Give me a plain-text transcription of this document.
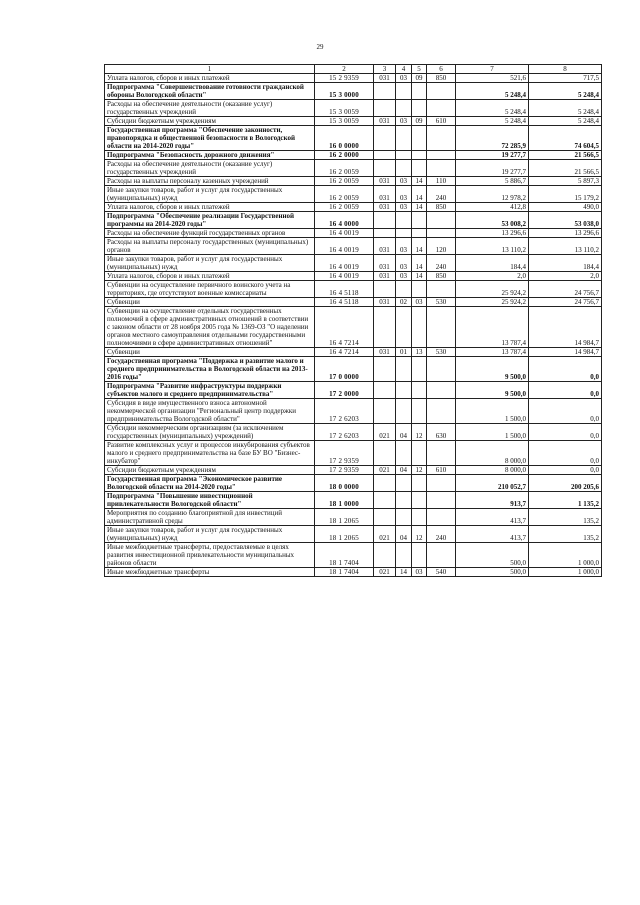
29
1	2	3	4	5	6	7	8
Уплата налогов, сборов и иных платежей	15 2 9359	031	03	09	850	521,6	717,5
Подпрограмма "Совершенствование готовности гражданской обороны Вологодской области"	15 3 0000					5 248,4	5 248,4
Расходы на обеспечение деятельности (оказание услуг) государственных учреждений	15 3 0059					5 248,4	5 248,4
Субсидии бюджетным учреждениям	15 3 0059	031	03	09	610	5 248,4	5 248,4
Государственная программа "Обеспечение законности, правопорядка и общественной безопасности в Вологодской области на 2014-2020 годы"	16 0 0000					72 285,9	74 604,5
Подпрограмма "Безопасность дорожного движения"	16 2 0000					19 277,7	21 566,5
Расходы на обеспечение деятельности (оказание услуг) государственных учреждений	16 2 0059					19 277,7	21 566,5
Расходы на выплаты персоналу казенных учреждений	16 2 0059	031	03	14	110	5 886,7	5 897,3
Иные закупки товаров, работ и услуг для государственных (муниципальных) нужд	16 2 0059	031	03	14	240	12 978,2	15 179,2
Уплата налогов, сборов и иных платежей	16 2 0059	031	03	14	850	412,8	490,0
Подпрограмма "Обеспечение реализации Государственной программы на 2014-2020 годы"	16 4 0000					53 008,2	53 038,0
Расходы на обеспечение функций государственных органов	16 4 0019					13 296,6	13 296,6
Расходы на выплаты персоналу государственных (муниципальных) органов	16 4 0019	031	03	14	120	13 110,2	13 110,2
Иные закупки товаров, работ и услуг для государственных (муниципальных) нужд	16 4 0019	031	03	14	240	184,4	184,4
Уплата налогов, сборов и иных платежей	16 4 0019	031	03	14	850	2,0	2,0
Субвенции на осуществление первичного воинского учета на территориях, где отсутствуют военные комиссариаты	16 4 5118					25 924,2	24 756,7
Субвенции	16 4 5118	031	02	03	530	25 924,2	24 756,7
Субвенции на осуществление отдельных государственных полномочий в сфере административных отношений в соответствии с законом области от 28 ноября 2005 года № 1369-ОЗ "О наделении органов местного самоуправления отдельными государственными полномочиями в сфере административных отношений"	16 4 7214					13 787,4	14 984,7
Субвенции	16 4 7214	031	01	13	530	13 787,4	14 984,7
Государственная программа "Поддержка и развитие малого и среднего предпринимательства в Вологодской области на 2013-2016 годы"	17 0 0000					9 500,0	0,0
Подпрограмма "Развитие инфраструктуры поддержки субъектов малого и среднего предпринимательства"	17 2 0000					9 500,0	0,0
Субсидия в виде имущественного взноса автономной некоммерческой организации "Региональный центр поддержки предпринимательства Вологодской области"	17 2 6203					1 500,0	0,0
Субсидии некоммерческим организациям (за исключением государственных (муниципальных) учреждений)	17 2 6203	021	04	12	630	1 500,0	0,0
Развитие комплексных услуг и процессов инкубирования субъектов малого и среднего предпринимательства на базе БУ ВО "Бизнес-инкубатор"	17 2 9359					8 000,0	0,0
Субсидии бюджетным учреждениям	17 2 9359	021	04	12	610	8 000,0	0,0
Государственная программа "Экономическое развитие Вологодской области на 2014-2020 годы"	18 0 0000					210 052,7	200 205,6
Подпрограмма "Повышение инвестиционной привлекательности Вологодской области"	18 1 0000					913,7	1 135,2
Мероприятия по созданию благоприятной для инвестиций административной среды	18 1 2065					413,7	135,2
Иные закупки товаров, работ и услуг для государственных (муниципальных) нужд	18 1 2065	021	04	12	240	413,7	135,2
Иные межбюджетные трансферты, предоставляемые в целях развития инвестиционной привлекательности муниципальных районов области	18 1 7404					500,0	1 000,0
Иные межбюджетные трансферты	18 1 7404	021	14	03	540	500,0	1 000,0
